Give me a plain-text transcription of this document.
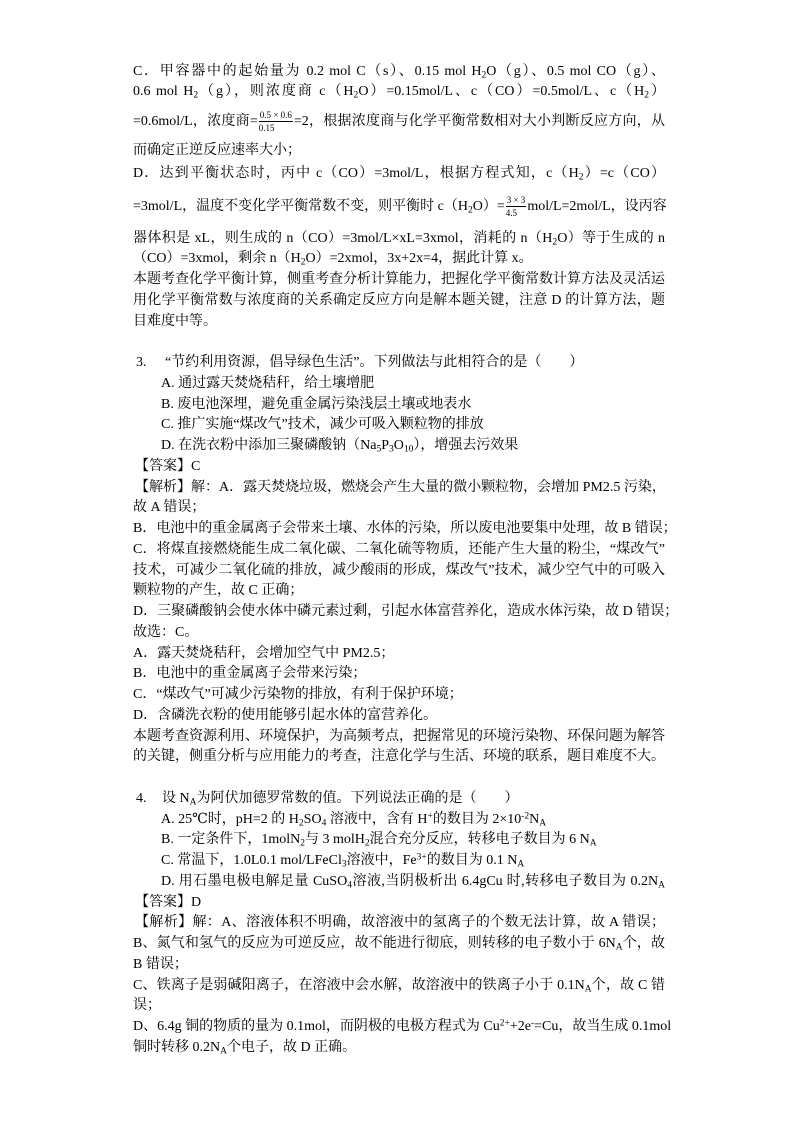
C．甲容器中的起始量为 0.2 mol C（s）、0.15 mol $H_2O(g)$、0.5 mol CO（g）、
0.6 mol $H_2(g)$，则浓度商 $c(H_2O)=0.15mol/L$、c（CO）=0.5mol/L、$c(H_2)$
=0.6mol/L，浓度商= $\frac{0.5 \times 0.6}{0.15} =2$，根据浓度商与化学平衡常数相对大小判断反应方向，从
而确定正逆反应速率大小；
D．达到平衡状态时，丙中 c（CO）=3mol/L，根据方程式知，$c(H_2)=c(CO)$
=3mol/L，温度不变化学平衡常数不变，则平衡时 $c(H_2O)= \frac{3 \times 3}{4.5} mol/L=2mol/L$，设丙容
器体积是 xL，则生成的 n（CO）=3mol/L×xL=3xmol，消耗的 $n(H_2O)$等于生成的 n
（CO）=3xmol，剩余 $n(H_2O)=2xmol$，3x+2x=4，据此计算 x。
本题考查化学平衡计算，侧重考查分析计算能力，把握化学平衡常数计算方法及灵活运
用化学平衡常数与浓度商的关系确定反应方向是解本题关键，注意 D 的计算方法，题
目难度中等。
3. “节约利用资源，倡导绿色生活”。下列做法与此相符合的是（　　）
A. 通过露天焚烧秸秆，给土壤增肥
B. 废电池深埋，避免重金属污染浅层土壤或地表水
C. 推广实施“煤改气”技术，减少可吸入颗粒物的排放
D. 在洗衣粉中添加三聚磷酸钠$(Na_5P_3O_{10})$，增强去污效果
【答案】C
【解析】解：A．露天焚烧垃圾，燃烧会产生大量的微小颗粒物，会增加 PM2.5 污染，
故 A 错误；
B．电池中的重金属离子会带来土壤、水体的污染，所以废电池要集中处理，故 B 错误；
C．将煤直接燃烧能生成二氧化碳、二氧化硫等物质，还能产生大量的粉尘，“煤改气”
技术，可减少二氧化硫的排放，减少酸雨的形成，煤改气”技术，减少空气中的可吸入
颗粒物的产生，故 C 正确；
D．三聚磷酸钠会使水体中磷元素过剩，引起水体富营养化，造成水体污染，故 D 错误；
故选：C。
A．露天焚烧秸秆，会增加空气中 PM2.5；
B．电池中的重金属离子会带来污染；
C．“煤改气”可减少污染物的排放，有利于保护环境；
D．含磷洗衣粉的使用能够引起水体的富营养化。
本题考查资源利用、环境保护，为高频考点，把握常见的环境污染物、环保问题为解答
的关键，侧重分析与应用能力的考查，注意化学与生活、环境的联系，题目难度不大。
4. 设 $N_A$为阿伏加德罗常数的值。下列说法正确的是（　　）
A. 25℃时，pH=2 的 $H_2SO_4$ 溶液中，含有 H+的数目为 $2\times 10^{-2}N_A$
B. 一定条件下，1molN$_2$与 3 molH$_2$混合充分反应，转移电子数目为 6 $N_A$
C. 常温下，1.0L0.1 mol/LFeCl$_3$溶液中，$Fe^{3+}$的数目为 0.1 $N_A$
D. 用石墨电极电解足量 CuSO$_4$溶液,当阴极析出 6.4gCu 时,转移电子数目为 $0.2N_A$
【答案】D
【解析】解：A、溶液体积不明确，故溶液中的氢离子的个数无法计算，故 A 错误；
B、氮气和氢气的反应为可逆反应，故不能进行彻底，则转移的电子数小于 $6N_A$个，故
B 错误；
C、铁离子是弱碱阳离子，在溶液中会水解，故溶液中的铁离子小于 $0.1N_A$个，故 C 错
误；
D、6.4g 铜的物质的量为 0.1mol，而阴极的电极方程式为 $Cu^{2+}+2e^-=Cu$，故当生成 0.1mol
铜时转移 $0.2N_A$个电子，故 D 正确。
